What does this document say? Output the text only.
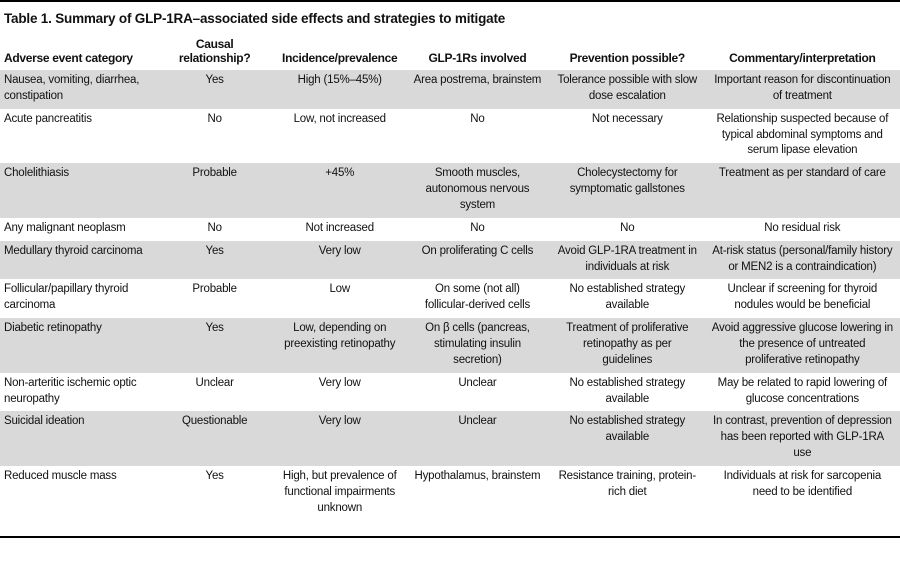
Table 1. Summary of GLP-1RA–associated side effects and strategies to mitigate
Adverse event category	Causal relationship?	Incidence/prevalence	GLP-1Rs involved	Prevention possible?	Commentary/interpretation
Nausea, vomiting, diarrhea, constipation	Yes	High (15%–45%)	Area postrema, brainstem	Tolerance possible with slow dose escalation	Important reason for discontinuation of treatment
Acute pancreatitis	No	Low, not increased	No	Not necessary	Relationship suspected because of typical abdominal symptoms and serum lipase elevation
Cholelithiasis	Probable	+45%	Smooth muscles, autonomous nervous system	Cholecystectomy for symptomatic gallstones	Treatment as per standard of care
Any malignant neoplasm	No	Not increased	No	No	No residual risk
Medullary thyroid carcinoma	Yes	Very low	On proliferating C cells	Avoid GLP-1RA treatment in individuals at risk	At-risk status (personal/family history or MEN2 is a contraindication)
Follicular/papillary thyroid carcinoma	Probable	Low	On some (not all) follicular-derived cells	No established strategy available	Unclear if screening for thyroid nodules would be beneficial
Diabetic retinopathy	Yes	Low, depending on preexisting retinopathy	On β cells (pancreas, stimulating insulin secretion)	Treatment of proliferative retinopathy as per guidelines	Avoid aggressive glucose lowering in the presence of untreated proliferative retinopathy
Non-arteritic ischemic optic neuropathy	Unclear	Very low	Unclear	No established strategy available	May be related to rapid lowering of glucose concentrations
Suicidal ideation	Questionable	Very low	Unclear	No established strategy available	In contrast, prevention of depression has been reported with GLP-1RA use
Reduced muscle mass	Yes	High, but prevalence of functional impairments unknown	Hypothalamus, brainstem	Resistance training, protein-rich diet	Individuals at risk for sarcopenia need to be identified
